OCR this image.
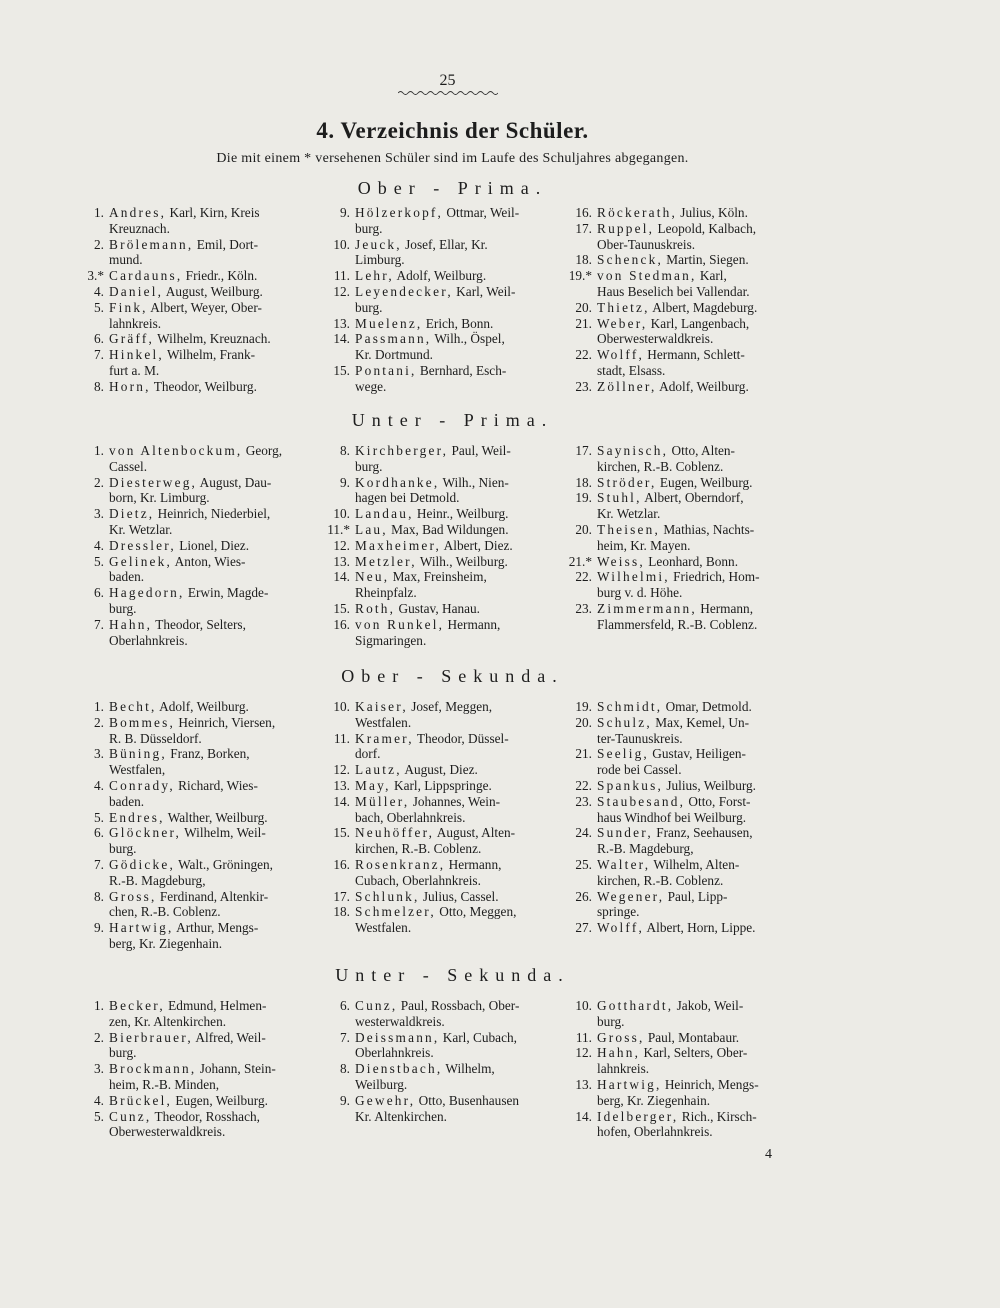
25
4. Verzeichnis der Schüler.
Die mit einem * versehenen Schüler sind im Laufe des Schuljahres abgegangen.
Ober - Prima.
1. Andres, Karl, Kirn, Kreis
Kreuznach.
2. Brölemann, Emil, Dort-
mund.
3.* Cardauns, Friedr., Köln.
4. Daniel, August, Weilburg.
5. Fink, Albert, Weyer, Ober-
lahnkreis.
6. Gräff, Wilhelm, Kreuznach.
7. Hinkel, Wilhelm, Frank-
furt a. M.
8. Horn, Theodor, Weilburg.
9. Hölzerkopf, Ottmar, Weil-
burg.
10. Jeuck, Josef, Ellar, Kr.
Limburg.
11. Lehr, Adolf, Weilburg.
12. Leyendecker, Karl, Weil-
burg.
13. Muelenz, Erich, Bonn.
14. Passmann, Wilh., Öspel,
Kr. Dortmund.
15. Pontani, Bernhard, Esch-
wege.
16. Röckerath, Julius, Köln.
17. Ruppel, Leopold, Kalbach,
Ober-Taunuskreis.
18. Schenck, Martin, Siegen.
19.* von Stedman, Karl,
Haus Beselich bei Vallendar.
20. Thietz, Albert, Magdeburg.
21. Weber, Karl, Langenbach,
Oberwesterwaldkreis.
22. Wolff, Hermann, Schlett-
stadt, Elsass.
23. Zöllner, Adolf, Weilburg.
Unter - Prima.
1. von Altenbockum, Georg,
Cassel.
2. Diesterweg, August, Dau-
born, Kr. Limburg.
3. Dietz, Heinrich, Niederbiel,
Kr. Wetzlar.
4. Dressler, Lionel, Diez.
5. Gelinek, Anton, Wies-
baden.
6. Hagedorn, Erwin, Magde-
burg.
7. Hahn, Theodor, Selters,
Oberlahnkreis.
8. Kirchberger, Paul, Weil-
burg.
9. Kordhanke, Wilh., Nien-
hagen bei Detmold.
10. Landau, Heinr., Weilburg.
11.* Lau, Max, Bad Wildungen.
12. Maxheimer, Albert, Diez.
13. Metzler, Wilh., Weilburg.
14. Neu, Max, Freinsheim,
Rheinpfalz.
15. Roth, Gustav, Hanau.
16. von Runkel, Hermann,
Sigmaringen.
17. Saynisch, Otto, Alten-
kirchen, R.-B. Coblenz.
18. Ströder, Eugen, Weilburg.
19. Stuhl, Albert, Oberndorf,
Kr. Wetzlar.
20. Theisen, Mathias, Nachts-
heim, Kr. Mayen.
21.* Weiss, Leonhard, Bonn.
22. Wilhelmi, Friedrich, Hom-
burg v. d. Höhe.
23. Zimmermann, Hermann,
Flammersfeld, R.-B. Coblenz.
Ober - Sekunda.
1. Becht, Adolf, Weilburg.
2. Bommes, Heinrich, Viersen,
R. B. Düsseldorf.
3. Büning, Franz, Borken,
Westfalen,
4. Conrady, Richard, Wies-
baden.
5. Endres, Walther, Weilburg.
6. Glöckner, Wilhelm, Weil-
burg.
7. Gödicke, Walt., Gröningen,
R.-B. Magdeburg,
8. Gross, Ferdinand, Altenkir-
chen, R.-B. Coblenz.
9. Hartwig, Arthur, Mengs-
berg, Kr. Ziegenhain.
10. Kaiser, Josef, Meggen,
Westfalen.
11. Kramer, Theodor, Düssel-
dorf.
12. Lautz, August, Diez.
13. May, Karl, Lippspringe.
14. Müller, Johannes, Wein-
bach, Oberlahnkreis.
15. Neuhöffer, August, Alten-
kirchen, R.-B. Coblenz.
16. Rosenkranz, Hermann,
Cubach, Oberlahnkreis.
17. Schlunk, Julius, Cassel.
18. Schmelzer, Otto, Meggen,
Westfalen.
19. Schmidt, Omar, Detmold.
20. Schulz, Max, Kemel, Un-
ter-Taunuskreis.
21. Seelig, Gustav, Heiligen-
rode bei Cassel.
22. Spankus, Julius, Weilburg.
23. Staubesand, Otto, Forst-
haus Windhof bei Weilburg.
24. Sunder, Franz, Seehausen,
R.-B. Magdeburg,
25. Walter, Wilhelm, Alten-
kirchen, R.-B. Coblenz.
26. Wegener, Paul, Lipp-
springe.
27. Wolff, Albert, Horn, Lippe.
Unter - Sekunda.
1. Becker, Edmund, Helmen-
zen, Kr. Altenkirchen.
2. Bierbrauer, Alfred, Weil-
burg.
3. Brockmann, Johann, Stein-
heim, R.-B. Minden,
4. Brückel, Eugen, Weilburg.
5. Cunz, Theodor, Rosshach,
Oberwesterwaldkreis.
6. Cunz, Paul, Rossbach, Ober-
westerwaldkreis.
7. Deissmann, Karl, Cubach,
Oberlahnkreis.
8. Dienstbach, Wilhelm,
Weilburg.
9. Gewehr, Otto, Busenhausen
Kr. Altenkirchen.
10. Gotthardt, Jakob, Weil-
burg.
11. Gross, Paul, Montabaur.
12. Hahn, Karl, Selters, Ober-
lahnkreis.
13. Hartwig, Heinrich, Mengs-
berg, Kr. Ziegenhain.
14. Idelberger, Rich., Kirsch-
hofen, Oberlahnkreis.
4
